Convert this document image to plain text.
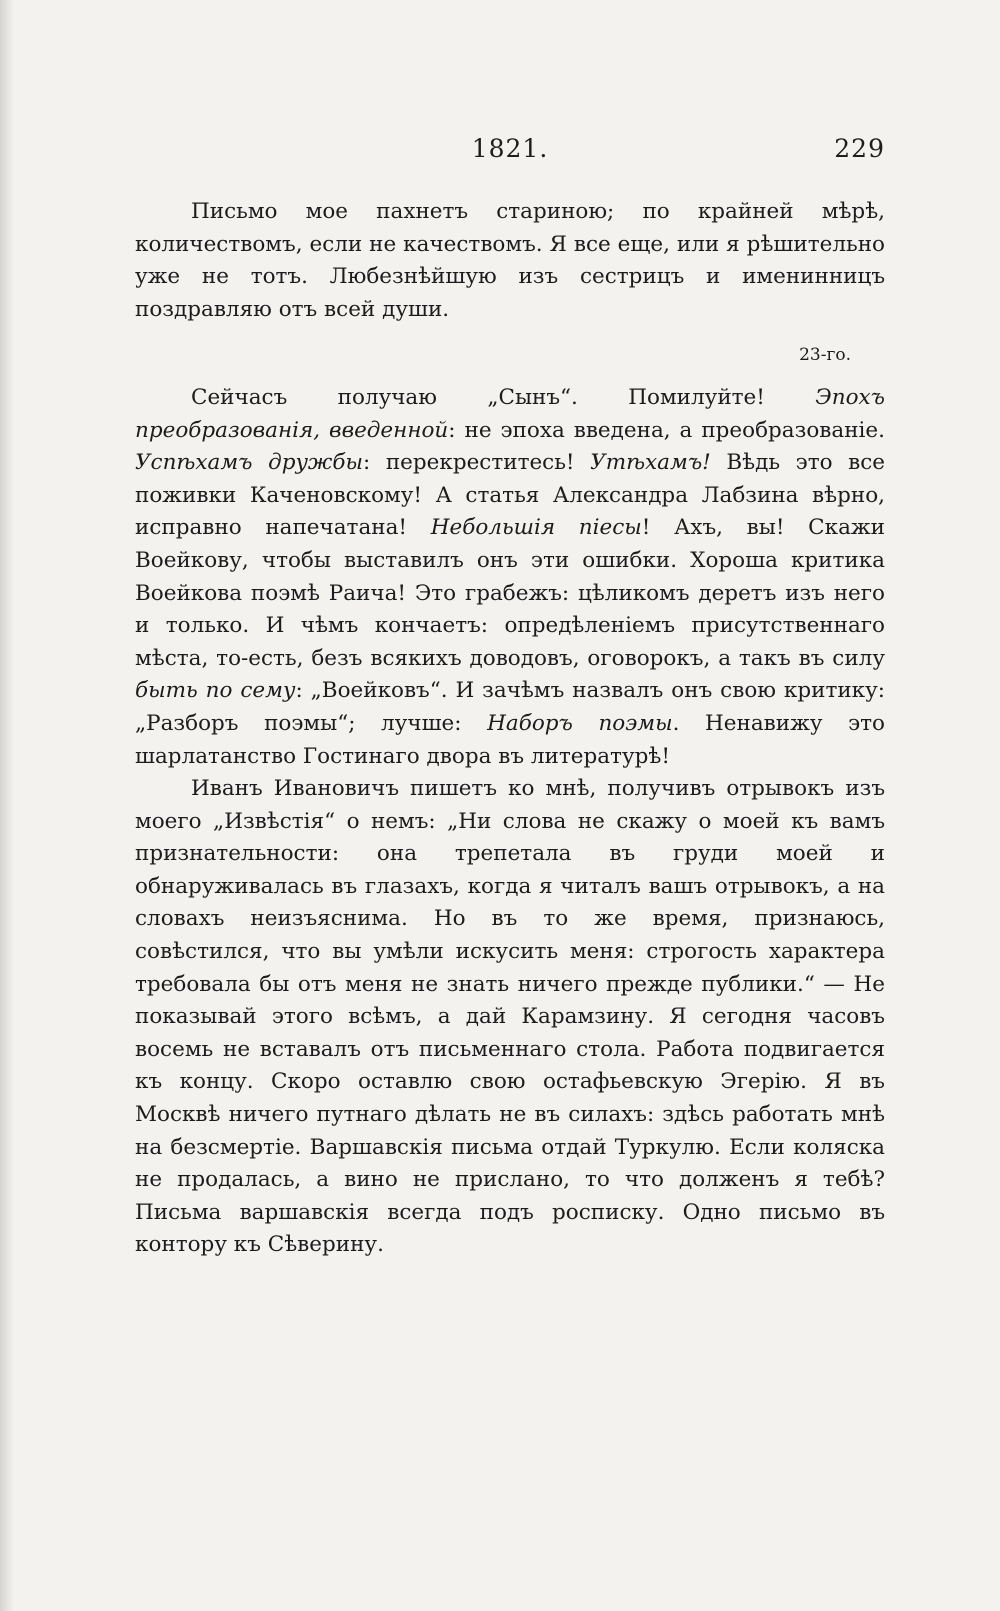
1821.	229

Письмо мое пахнетъ стариною; по крайней мѣрѣ, количествомъ, если не качествомъ. Я все еще, или я рѣшительно уже не тотъ. Любезнѣйшую изъ сестрицъ и именинницъ поздравляю отъ всей души.

23-го.

Сейчасъ получаю „Сынъ“. Помилуйте! Эпохъ преобразованія, введенной: не эпоха введена, а преобразованіе. Успѣхамъ дружбы: перекреститесь! Утѣхамъ! Вѣдь это все поживки Каченовскому! А статья Александра Лабзина вѣрно, исправно напечатана! Небольшія піесы! Ахъ, вы! Скажи Воейкову, чтобы выставилъ онъ эти ошибки. Хороша критика Воейкова поэмѣ Раича! Это грабежъ: цѣликомъ деретъ изъ него и только. И чѣмъ кончаетъ: опредѣленіемъ присутственнаго мѣста, то-есть, безъ всякихъ доводовъ, оговорокъ, а такъ въ силу быть по сему: „Воейковъ“. И зачѣмъ назвалъ онъ свою критику: „Разборъ поэмы“; лучше: Наборъ поэмы. Ненавижу это шарлатанство Гостинаго двора въ литературѣ!

Иванъ Ивановичъ пишетъ ко мнѣ, получивъ отрывокъ изъ моего „Извѣстія“ о немъ: „Ни слова не скажу о моей къ вамъ признательности: она трепетала въ груди моей и обнаруживалась въ глазахъ, когда я читалъ вашъ отрывокъ, а на словахъ неизъяснима. Но въ то же время, признаюсь, совѣстился, что вы умѣли искусить меня: строгость характера требовала бы отъ меня не знать ничего прежде публики.“ — Не показывай этого всѣмъ, а дай Карамзину. Я сегодня часовъ восемь не вставалъ отъ письменнаго стола. Работа подвигается къ концу. Скоро оставлю свою остафьевскую Эгерію. Я въ Москвѣ ничего путнаго дѣлать не въ силахъ: здѣсь работать мнѣ на безсмертіе. Варшавскія письма отдай Туркулю. Если коляска не продалась, а вино не прислано, то что долженъ я тебѣ? Письма варшавскія всегда подъ росписку. Одно письмо въ контору къ Сѣверину.
